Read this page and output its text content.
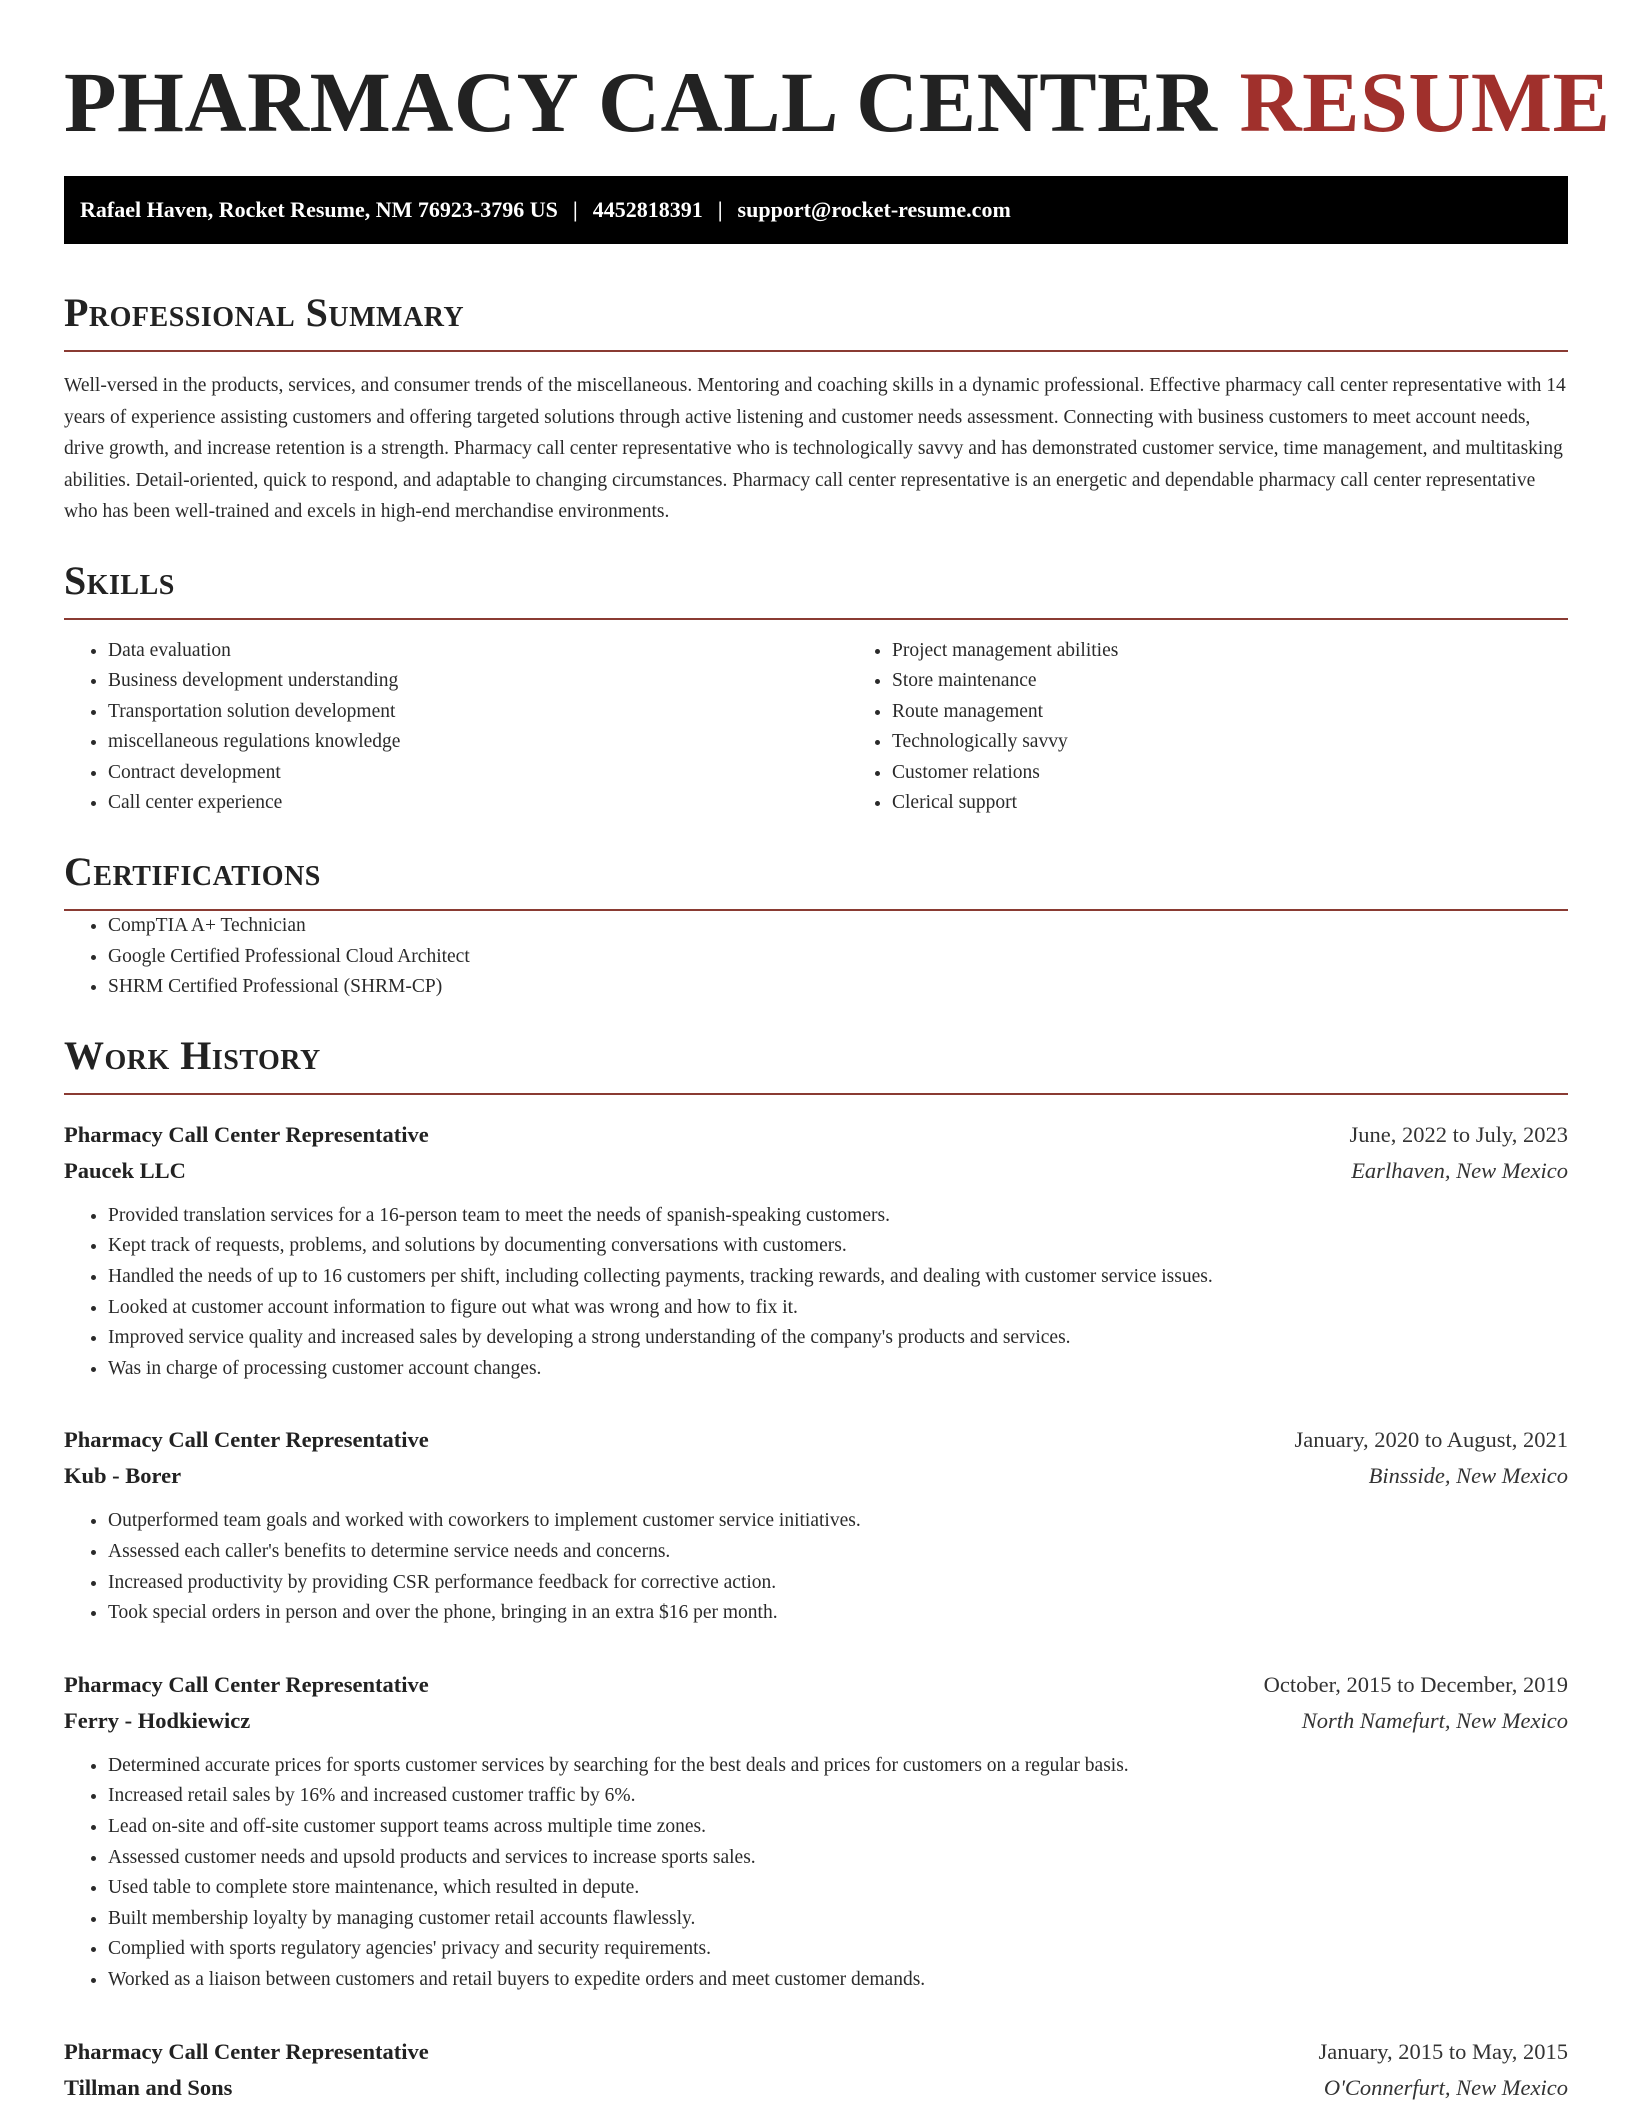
PHARMACY CALL CENTER RESUME
Rafael Haven, Rocket Resume, NM 76923-3796 US | 4452818391 | support@rocket-resume.com
Professional Summary

Well-versed in the products, services, and consumer trends of the miscellaneous. Mentoring and coaching skills in a dynamic professional. Effective pharmacy call center representative with 14 years of experience assisting customers and offering targeted solutions through active listening and customer needs assessment. Connecting with business customers to meet account needs, drive growth, and increase retention is a strength. Pharmacy call center representative who is technologically savvy and has demonstrated customer service, time management, and multitasking abilities. Detail-oriented, quick to respond, and adaptable to changing circumstances. Pharmacy call center representative is an energetic and dependable pharmacy call center representative who has been well-trained and excels in high-end merchandise environments.

Skills
• Data evaluation
• Business development understanding
• Transportation solution development
• miscellaneous regulations knowledge
• Contract development
• Call center experience
• Project management abilities
• Store maintenance
• Route management
• Technologically savvy
• Customer relations
• Clerical support
Certifications
• CompTIA A+ Technician
• Google Certified Professional Cloud Architect
• SHRM Certified Professional (SHRM-CP)
Work History
Pharmacy Call Center Representative	June, 2022 to July, 2023
Paucek LLC	Earlhaven, New Mexico
• Provided translation services for a 16-person team to meet the needs of spanish-speaking customers.
• Kept track of requests, problems, and solutions by documenting conversations with customers.
• Handled the needs of up to 16 customers per shift, including collecting payments, tracking rewards, and dealing with customer service issues.
• Looked at customer account information to figure out what was wrong and how to fix it.
• Improved service quality and increased sales by developing a strong understanding of the company's products and services.
• Was in charge of processing customer account changes.
Pharmacy Call Center Representative	January, 2020 to August, 2021
Kub - Borer	Binsside, New Mexico
• Outperformed team goals and worked with coworkers to implement customer service initiatives.
• Assessed each caller's benefits to determine service needs and concerns.
• Increased productivity by providing CSR performance feedback for corrective action.
• Took special orders in person and over the phone, bringing in an extra $16 per month.
Pharmacy Call Center Representative	October, 2015 to December, 2019
Ferry - Hodkiewicz	North Namefurt, New Mexico
• Determined accurate prices for sports customer services by searching for the best deals and prices for customers on a regular basis.
• Increased retail sales by 16% and increased customer traffic by 6%.
• Lead on-site and off-site customer support teams across multiple time zones.
• Assessed customer needs and upsold products and services to increase sports sales.
• Used table to complete store maintenance, which resulted in depute.
• Built membership loyalty by managing customer retail accounts flawlessly.
• Complied with sports regulatory agencies' privacy and security requirements.
• Worked as a liaison between customers and retail buyers to expedite orders and meet customer demands.
Pharmacy Call Center Representative	January, 2015 to May, 2015
Tillman and Sons	O'Connerfurt, New Mexico
